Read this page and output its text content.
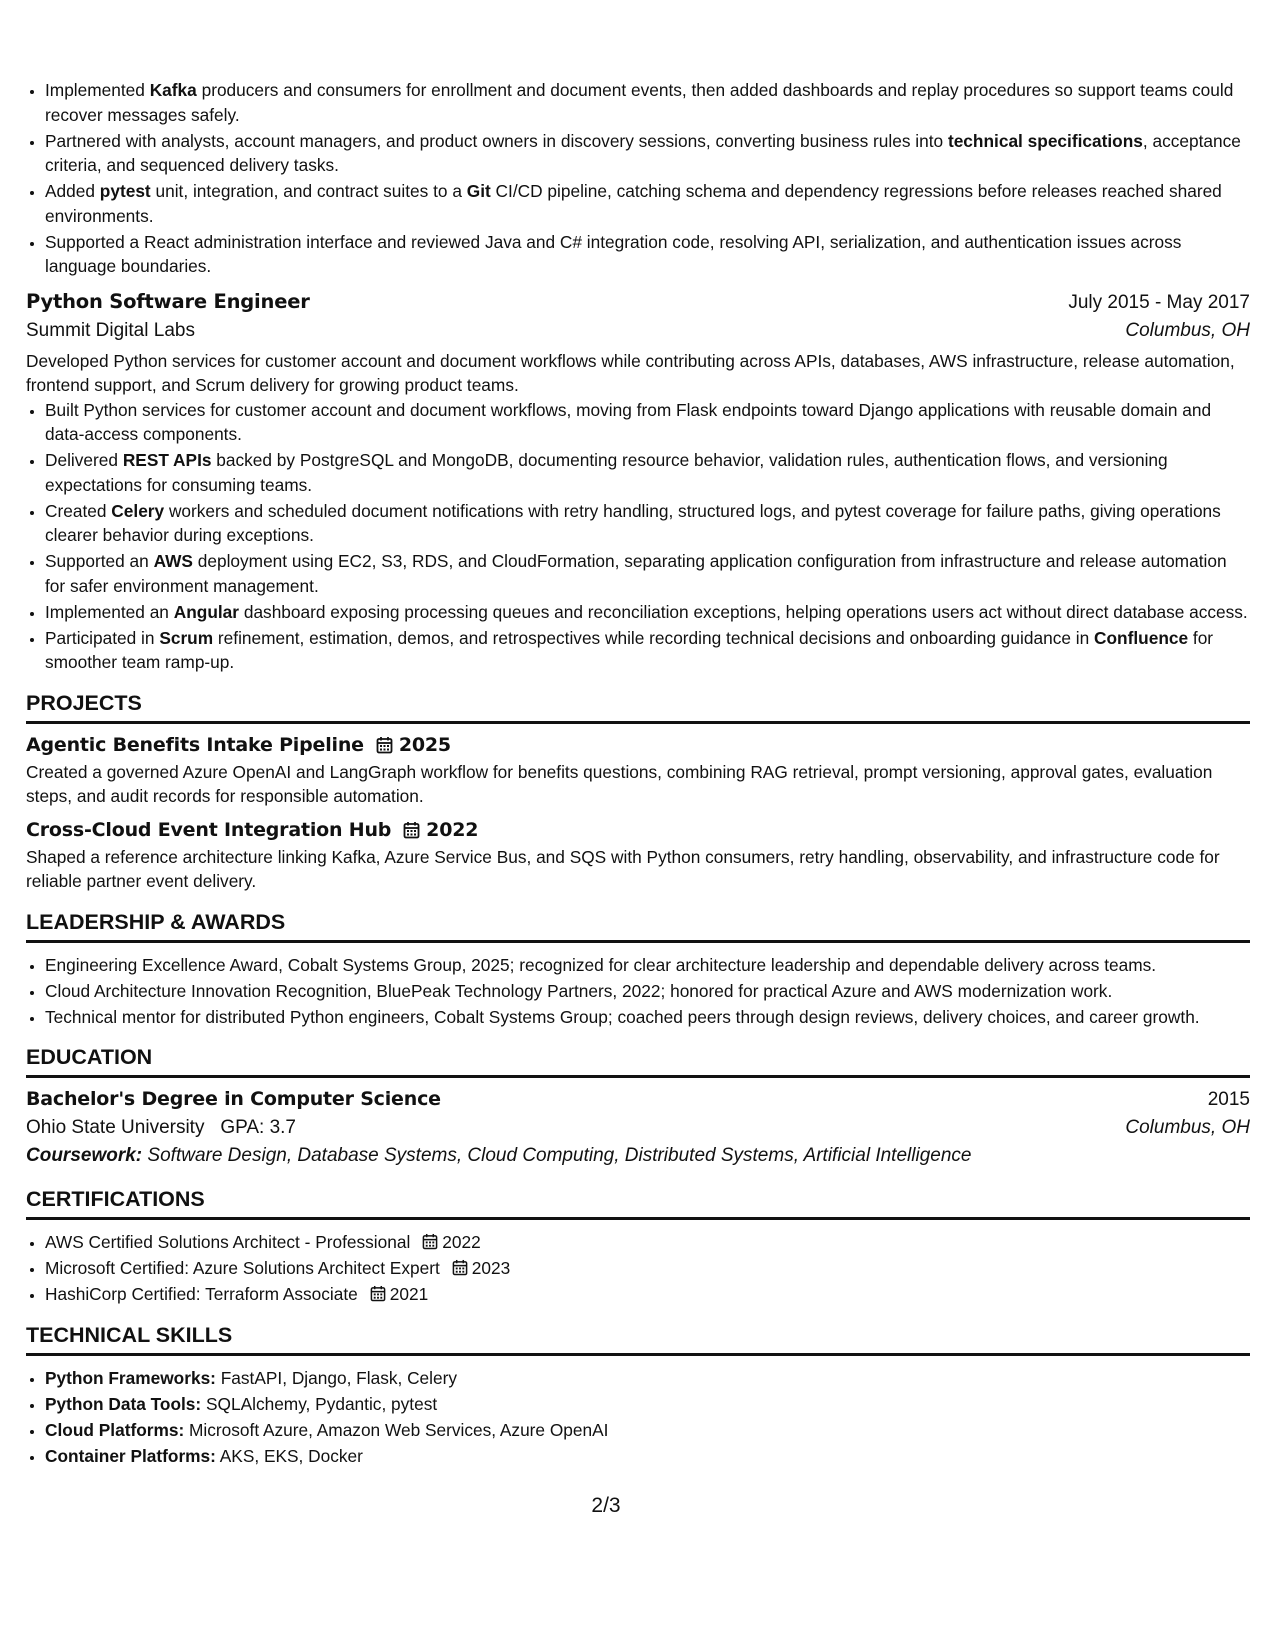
• Implemented Kafka producers and consumers for enrollment and document events, then added dashboards and replay procedures so support teams could recover messages safely.
• Partnered with analysts, account managers, and product owners in discovery sessions, converting business rules into technical specifications, acceptance criteria, and sequenced delivery tasks.
• Added pytest unit, integration, and contract suites to a Git CI/CD pipeline, catching schema and dependency regressions before releases reached shared environments.
• Supported a React administration interface and reviewed Java and C# integration code, resolving API, serialization, and authentication issues across language boundaries.
Python Software Engineer	July 2015 - May 2017
Summit Digital Labs	Columbus, OH
Developed Python services for customer account and document workflows while contributing across APIs, databases, AWS infrastructure, release automation, frontend support, and Scrum delivery for growing product teams.
• Built Python services for customer account and document workflows, moving from Flask endpoints toward Django applications with reusable domain and data-access components.
• Delivered REST APIs backed by PostgreSQL and MongoDB, documenting resource behavior, validation rules, authentication flows, and versioning expectations for consuming teams.
• Created Celery workers and scheduled document notifications with retry handling, structured logs, and pytest coverage for failure paths, giving operations clearer behavior during exceptions.
• Supported an AWS deployment using EC2, S3, RDS, and CloudFormation, separating application configuration from infrastructure and release automation for safer environment management.
• Implemented an Angular dashboard exposing processing queues and reconciliation exceptions, helping operations users act without direct database access.
• Participated in Scrum refinement, estimation, demos, and retrospectives while recording technical decisions and onboarding guidance in Confluence for smoother team ramp-up.
PROJECTS
Agentic Benefits Intake Pipeline 2025
Created a governed Azure OpenAI and LangGraph workflow for benefits questions, combining RAG retrieval, prompt versioning, approval gates, evaluation steps, and audit records for responsible automation.
Cross-Cloud Event Integration Hub 2022
Shaped a reference architecture linking Kafka, Azure Service Bus, and SQS with Python consumers, retry handling, observability, and infrastructure code for reliable partner event delivery.
LEADERSHIP & AWARDS
• Engineering Excellence Award, Cobalt Systems Group, 2025; recognized for clear architecture leadership and dependable delivery across teams.
• Cloud Architecture Innovation Recognition, BluePeak Technology Partners, 2022; honored for practical Azure and AWS modernization work.
• Technical mentor for distributed Python engineers, Cobalt Systems Group; coached peers through design reviews, delivery choices, and career growth.
EDUCATION
Bachelor's Degree in Computer Science	2015
Ohio State University GPA: 3.7	Columbus, OH
Coursework: Software Design, Database Systems, Cloud Computing, Distributed Systems, Artificial Intelligence
CERTIFICATIONS
• AWS Certified Solutions Architect - Professional 2022
• Microsoft Certified: Azure Solutions Architect Expert 2023
• HashiCorp Certified: Terraform Associate 2021
TECHNICAL SKILLS
• Python Frameworks: FastAPI, Django, Flask, Celery
• Python Data Tools: SQLAlchemy, Pydantic, pytest
• Cloud Platforms: Microsoft Azure, Amazon Web Services, Azure OpenAI
• Container Platforms: AKS, EKS, Docker
2/3
